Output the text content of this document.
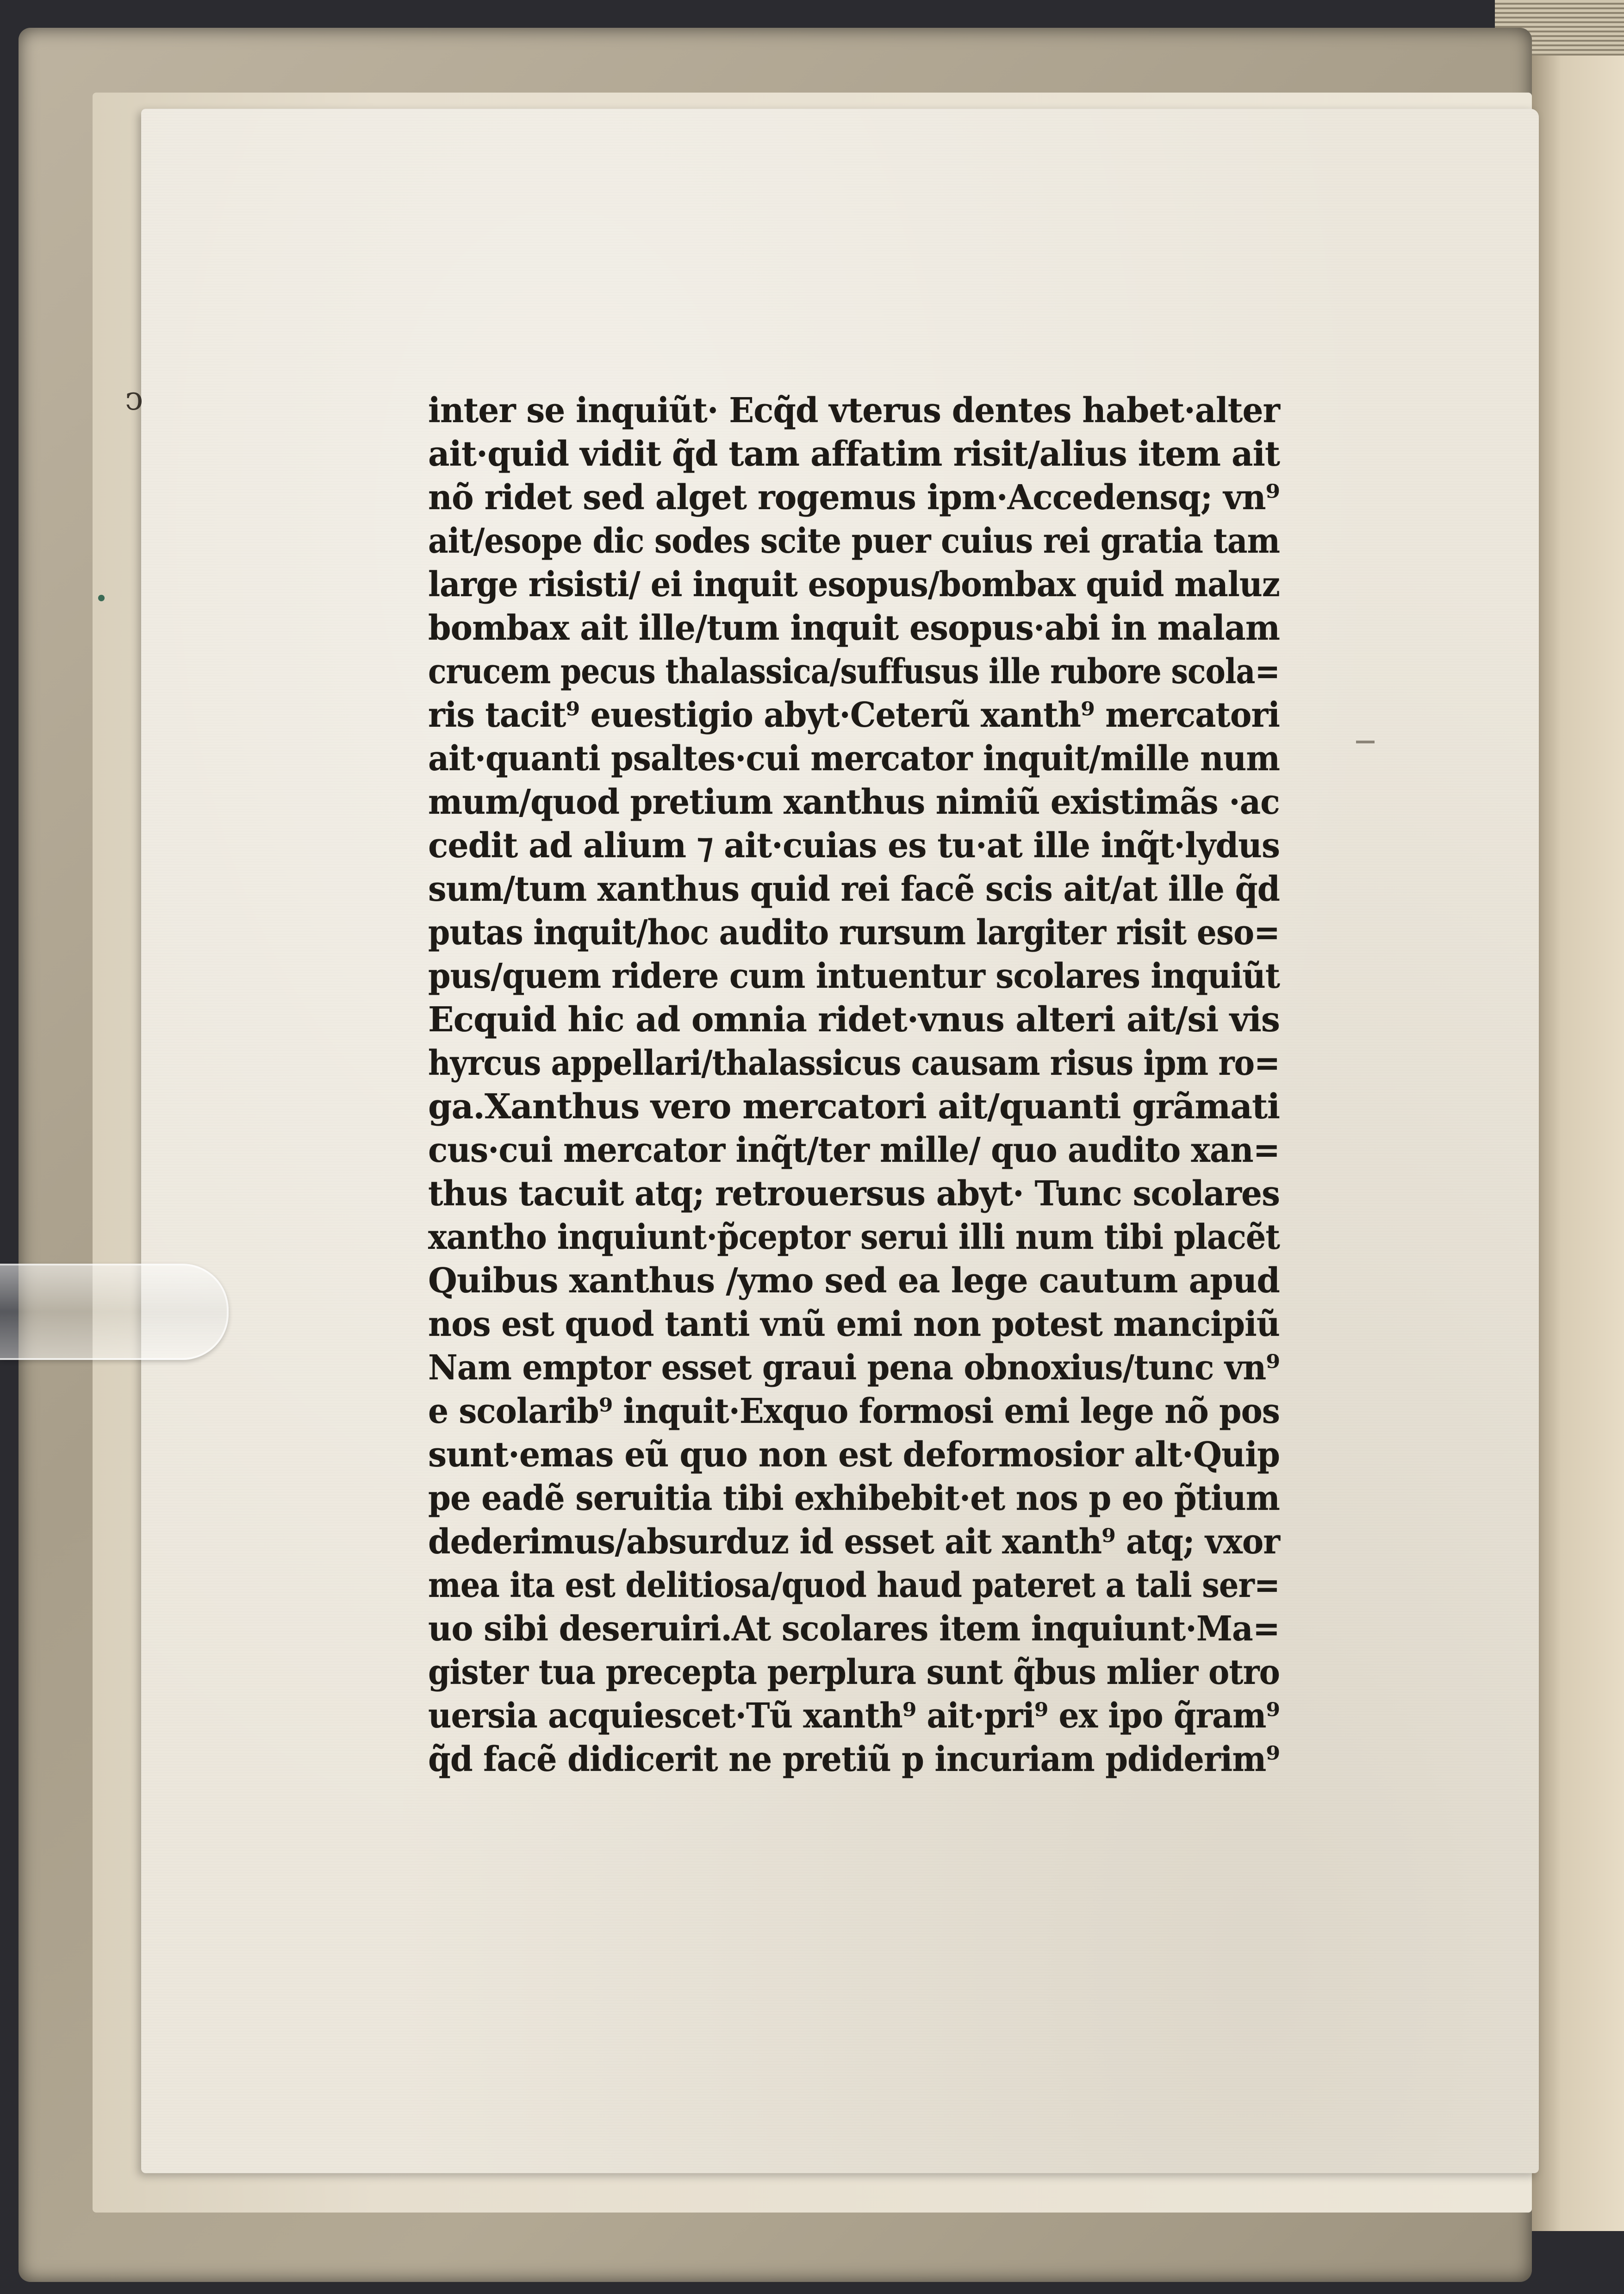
ↄ	inter se inquiũt· Ecq̃d vterus dentes habet·alter
ait·quid vidit q̃d tam affatim risit/alius item ait
nõ ridet sed alget rogemus ipm·Accedensq; vn⁹
ait/esope dic sodes scite puer cuius rei gratia tam
large risisti/ ei inquit esopus/bombax quid maluz
bombax ait ille/tum inquit esopus·abi in malam
crucem pecus thalassica/suffusus ille rubore scola=
ris tacit⁹ euestigio abyt·Ceterũ xanth⁹ mercatori
ait·quanti psaltes·cui mercator inquit/mille num
mum/quod pretium xanthus nimiũ existimãs ·ac
cedit ad alium ⁊ ait·cuias es tu·at ille inq̃t·lydus
sum/tum xanthus quid rei facẽ scis ait/at ille q̃d
putas inquit/hoc audito rursum largiter risit eso=
pus/quem ridere cum intuentur scolares inquiũt
Ecquid hic ad omnia ridet·vnus alteri ait/si vis
hyrcus appellari/thalassicus causam risus ipm ro=
ga.Xanthus vero mercatori ait/quanti grãmati
cus·cui mercator inq̃t/ter mille/ quo audito xan=
thus tacuit atq; retrouersus abyt· Tunc scolares
xantho inquiunt·p̃ceptor serui illi num tibi placẽt
Quibus xanthus /ymo sed ea lege cautum apud
nos est quod tanti vnũ emi non potest mancipiũ
Nam emptor esset graui pena obnoxius/tunc vn⁹
e scolarib⁹ inquit·Exquo formosi emi lege nõ pos
sunt·emas eũ quo non est deformosior alt·Quip
pe eadẽ seruitia tibi exhibebit·et nos p eo p̃tium
dederimus/absurduz id esset ait xanth⁹ atq; vxor
mea ita est delitiosa/quod haud pateret a tali ser=
uo sibi deseruiri.At scolares item inquiunt·Ma=
gister tua precepta perplura sunt q̃bus mlier otro
uersia acquiescet·Tũ xanth⁹ ait·pri⁹ ex ipo q̃ram⁹
q̃d facẽ didicerit ne pretiũ p incuriam pdiderim⁹
